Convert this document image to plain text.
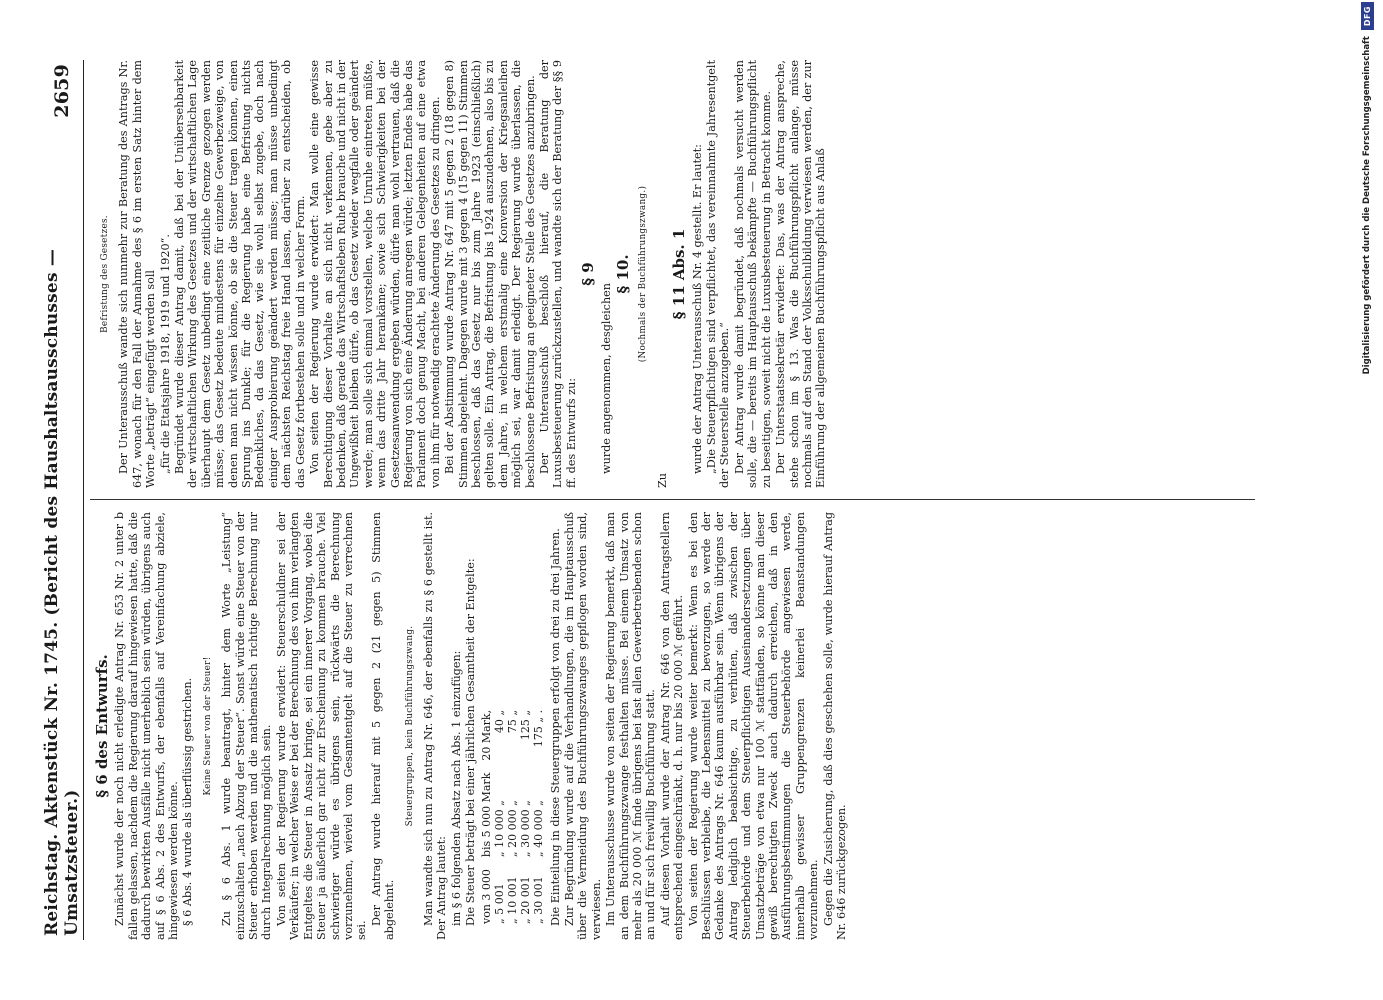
Reichstag. Aktenstück Nr. 1745. (Bericht des Haushaltsausschusses — Umsatzsteuer.)
2659
§ 6 des Entwurfs. Zunächst wurde der noch nicht erledigte Antrag Nr. 653 Nr. 2 unter b fallen gelassen, nachdem die Regierung darauf hingewiesen hatte, daß die dadurch bewirkten Ausfälle nicht unerheblich sein würden, übrigens auch auf § 6 Abs. 2 des Entwurfs, der ebenfalls auf Vereinfachung abziele, hingewiesen werden könne. § 6 Abs. 4 wurde als überflüssig gestrichen. Keine Steuer von der Steuer! Zu § 6 Abs. 1 wurde beantragt, hinter dem Worte „Leistung“ einzuschalten „nach Abzug der Steuer“. Sonst würde eine Steuer von der Steuer erhoben werden und die mathematisch richtige Berechnung nur durch Integralrechnung möglich sein. Von seiten der Regierung wurde erwidert: Steuerschuldner sei der Verkäufer; in welcher Weise er bei der Berechnung des von ihm verlangten Entgeltes die Steuer in Ansatz bringe, sei ein innerer Vorgang, wobei die Steuer ja äußerlich gar nicht zur Erscheinung zu kommen brauche. Viel schwieriger würde es übrigens sein, rückwärts die Berechnung vorzunehmen, wieviel vom Gesamtentgelt auf die Steuer zu verrechnen sei.

Der Antrag wurde hierauf mit 5 gegen 2 (21 gegen 5) Stimmen abgelehnt.

Steuergruppen, kein Buchführungszwang. Man wandte sich nun zu Antrag Nr. 646, der ebenfalls zu § 6 gestellt ist. Der Antrag lautet: im § 6 folgenden Absatz nach Abs. 1 einzufügen: Die Steuer beträgt bei einer jährlichen Gesamtheit der Entgelte: von 3 000	bis 5 000 Mark	20 Mark,
„ 5 001	„ 10 000 „	40 „
„ 10 001	„ 20 000 „	75 „
„ 20 001	„ 30 000 „	125 „
„ 30 001	„ 40 000 „	175 „ . Die Einteilung in diese Steuergruppen erfolgt von drei zu drei Jahren. Zur Begründung wurde auf die Verhandlungen, die im Hauptausschuß über die Vermeidung des Buchführungszwanges gepflogen worden sind, verwiesen. Im Unterausschusse wurde von seiten der Regierung bemerkt, daß man an dem Buchführungszwange festhalten müsse. Bei einem Umsatz von mehr als 20 000 ℳ finde übrigens bei fast allen Gewerbetreibenden schon an und für sich freiwillig Buchführung statt. Auf diesen Vorhalt wurde der Antrag Nr. 646 von den Antragstellern entsprechend eingeschränkt, d. h. nur bis 20 000 ℳ geführt. Von seiten der Regierung wurde weiter bemerkt: Wenn es bei den Beschlüssen verbleibe, die Lebensmittel zu bevorzugen, so werde der Gedanke des Antrags Nr. 646 kaum ausführbar sein. Wenn übrigens der Antrag lediglich beabsichtige, zu verhüten, daß zwischen der Steuerbehörde und dem Steuerpflichtigen Auseinandersetzungen über Umsatzbeträge von etwa nur 100 ℳ stattfänden, so könne man dieser gewiß berechtigten Zweck auch dadurch erreichen, daß in den Ausführungsbestimmungen die Steuerbehörde angewiesen werde, innerhalb gewisser Gruppengrenzen keinerlei Beanstandungen vorzunehmen. Gegen die Zusicherung, daß dies geschehen solle, wurde hierauf Antrag Nr. 646 zurückgezogen.

Befristung des Gesetzes. Der Unterausschuß wandte sich nunmehr zur Beratung des Antrags Nr. 647, wonach für den Fall der Annahme des § 6 im ersten Satz hinter dem Worte „beträgt“ eingefügt werden soll „für die Etatsjahre 1918, 1919 und 1920“. Begründet wurde dieser Antrag damit, daß bei der Unübersehbarkeit der wirtschaftlichen Wirkung des Gesetzes und der wirtschaftlichen Lage überhaupt dem Gesetz unbedingt eine zeitliche Grenze gezogen werden müsse; das Gesetz bedeute mindestens für einzelne Gewerbezweige, von denen man nicht wissen könne, ob sie die Steuer tragen können, einen Sprung ins Dunkle; für die Regierung habe eine Befristung nichts Bedenkliches, da das Gesetz, wie sie wohl selbst zugebe, doch nach einiger Ausprobierung geändert werden müsse; man müsse unbedingt dem nächsten Reichstag freie Hand lassen, darüber zu entscheiden, ob das Gesetz fortbestehen solle und in welcher Form. Von seiten der Regierung wurde erwidert: Man wolle eine gewisse Berechtigung dieser Vorhalte an sich nicht verkennen, gebe aber zu bedenken, daß gerade das Wirtschaftsleben Ruhe brauche und nicht in der Ungewißheit bleiben dürfe, ob das Gesetz wieder wegfalle oder geändert werde; man solle sich einmal vorstellen, welche Unruhe eintreten müßte, wenn das dritte Jahr herankäme; sowie sich Schwierigkeiten bei der Gesetzesanwendung ergeben würden, dürfe man wohl vertrauen, daß die Regierung von sich eine Änderung anregen würde; letzten Endes habe das Parlament doch genug Macht, bei anderen Gelegenheiten auf eine etwa von ihm für notwendig erachtete Änderung des Gesetzes zu dringen. Bei der Abstimmung wurde Antrag Nr. 647 mit 5 gegen 2 (18 gegen 8) Stimmen abgelehnt. Dagegen wurde mit 3 gegen 4 (15 gegen 11) Stimmen beschlossen, daß das Gesetz nur bis zum Jahre 1923 (einschließlich) gelten solle. Ein Antrag, die Befristung bis 1924 auszudehnen, also bis zu dem Jahre, in welchem erstmalig eine Konversion der Kriegsanleihen möglich sei, war damit erledigt. Der Regierung wurde überlassen, die beschlossene Befristung an geeigneter Stelle des Gesetzes anzubringen. Der Unterausschuß beschloß hierauf, die Beratung der Luxusbesteuerung zurückzustellen, und wandte sich der Beratung der §§ 9 ff. des Entwurfs zu:

§ 9

wurde angenommen, desgleichen

§ 10. (Nochmals der Buchführungszwang.)

Zu

§ 11 Abs. 1 wurde der Antrag Unterausschuß Nr. 4 gestellt. Er lautet: „Die Steuerpflichtigen sind verpflichtet, das vereinnahmte Jahresentgelt der Steuerstelle anzugeben.“ Der Antrag wurde damit begründet, daß nochmals versucht werden solle, die — bereits im Hauptausschuß bekämpfte — Buchführungspflicht zu beseitigen, soweit nicht die Luxusbesteuerung in Betracht komme. Der Unterstaatssekretär erwiderte: Das, was der Antrag anspreche, stehe schon im § 13. Was die Buchführungspflicht anlange, müsse nochmals auf den Stand der Volksschulbildung verwiesen werden, der zur Einführung der allgemeinen Buchführungspflicht aus Anlaß	Digitalisierung gefördert durch die Deutsche Forschungsgemeinschaft
DFG
